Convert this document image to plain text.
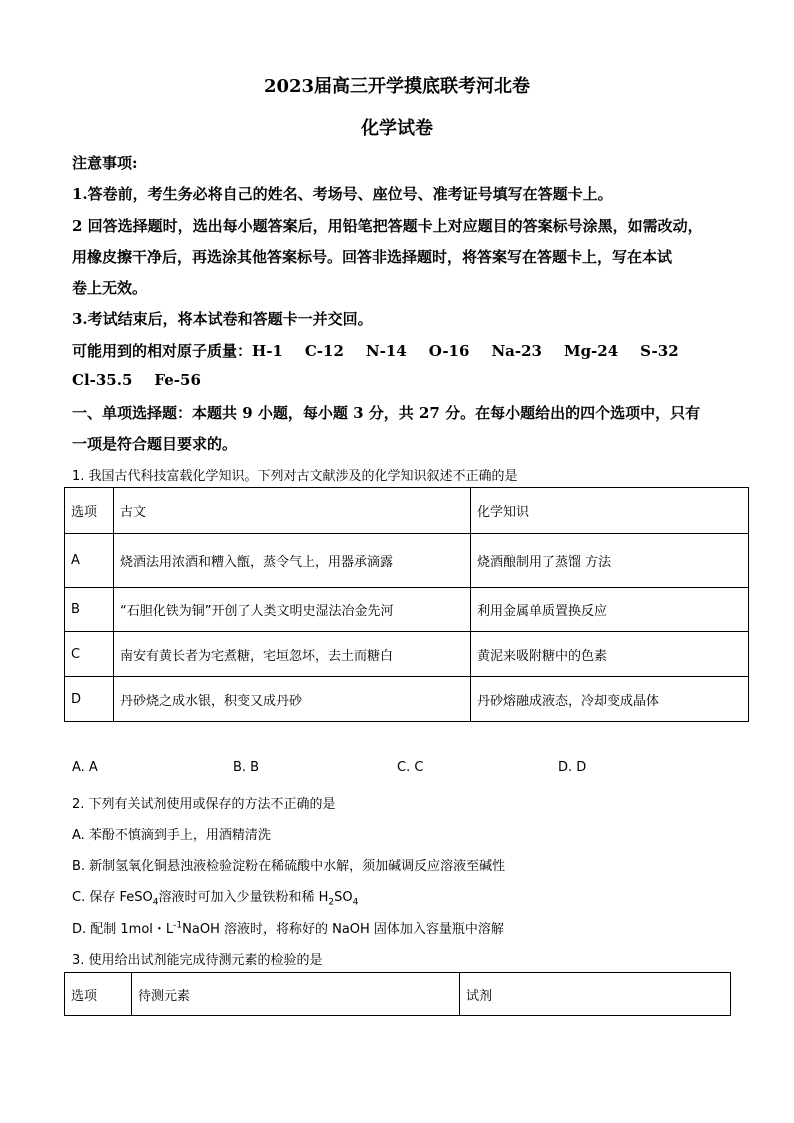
2023届高三开学摸底联考河北卷
化学试卷
注意事项:
1.答卷前，考生务必将自己的姓名、考场号、座位号、准考证号填写在答题卡上。
2 回答选择题时，选出每小题答案后，用铅笔把答题卡上对应题目的答案标号涂黑，如需改动，
用橡皮擦干净后，再选涂其他答案标号。回答非选择题时，将答案写在答题卡上，写在本试
卷上无效。
3.考试结束后，将本试卷和答题卡一并交回。
可能用到的相对原子质量：H-1 C-12 N-14 O-16 Na-23 Mg-24 S-32
Cl-35.5 Fe-56
一、单项选择题：本题共 9 小题，每小题 3 分，共 27 分。在每小题给出的四个选项中，只有
一项是符合题目要求的。
1. 我国古代科技富载化学知识。下列对古文献涉及的化学知识叙述不正确的是
选项	古文	化学知识
A	烧酒法用浓酒和糟入甑，蒸令气上，用器承滴露	烧酒酿制用了蒸馏 方法
B	“石胆化铁为铜”开创了人类文明史湿法冶金先河	利用金属单质置换反应
C	南安有黄长者为宅煮糖，宅垣忽坏，去土而糖白	黄泥来吸附糖中的色素
D	丹砂烧之成水银，积变又成丹砂	丹砂熔融成液态，冷却变成晶体
A. A	B. B	C. C	D. D
2. 下列有关试剂使用或保存的方法不正确的是
A. 苯酚不慎滴到手上，用酒精清洗
B. 新制氢氧化铜悬浊液检验淀粉在稀硫酸中水解，须加碱调反应溶液至碱性
C. 保存 FeSO$_4$溶液时可加入少量铁粉和稀 $H_2SO_4$
D. 配制 1mol・$L^{-1}NaOH$ 溶液时，将称好的 NaOH 固体加入容量瓶中溶解
3. 使用给出试剂能完成待测元素的检验的是
选项	待测元素	试剂
